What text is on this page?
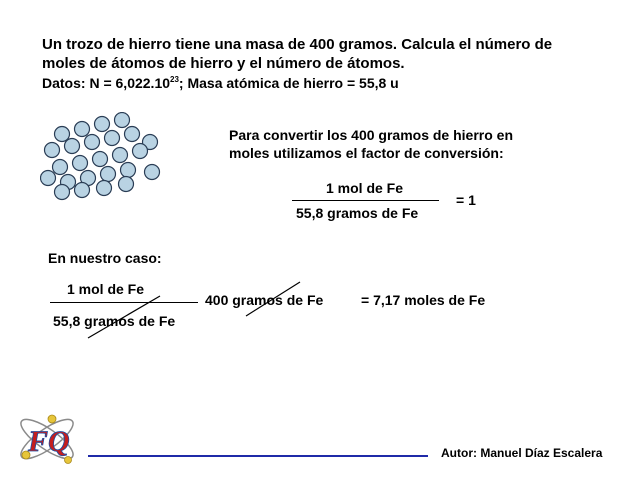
Un trozo de hierro tiene una masa de 400 gramos. Calcula el número de
moles de átomos de hierro y el número de átomos.
Datos: $N = 6,022.10^{23}$; Masa atómica de hierro = 55,8 u
Para convertir los 400 gramos de hierro en
moles utilizamos el factor de conversión:
1 mol de Fe
55,8 gramos de Fe
= 1
En nuestro caso:
1 mol de Fe
55,8 gramos de Fe
400 gramos de Fe	= 7,17 moles de Fe
FQ	Autor: Manuel Díaz Escalera
